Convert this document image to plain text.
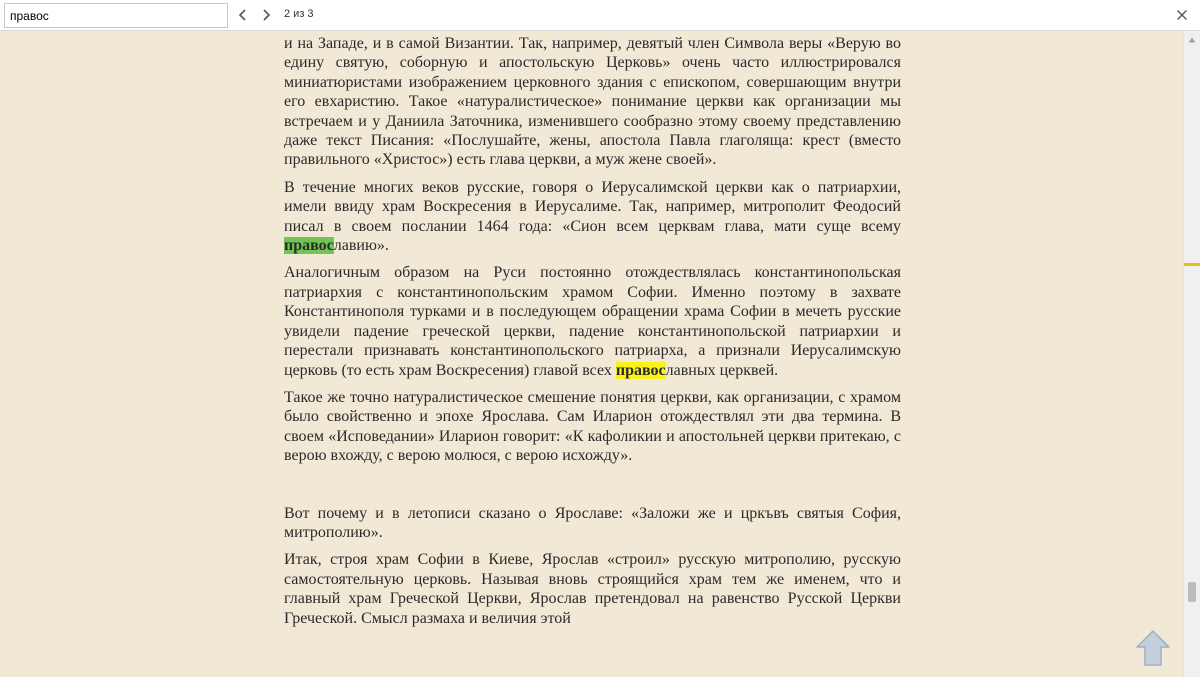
правос
2 из 3

и на Западе, и в самой Византии. Так, например, девятый член Символа веры «Верую во едину святую, соборную и апостольскую Церковь» очень часто иллюстрировался миниатюристами изображением церковного здания с епископом, совершающим внутри его евхаристию. Такое «натуралистическое» понимание церкви как организации мы встречаем и у Даниила Заточника, изменившего сообразно этому своему представлению даже текст Писания: «Послушайте, жены, апостола Павла глаголяща: крест (вместо правильного «Христос») есть глава церкви, а муж жене своей».

В течение многих веков русские, говоря о Иерусалимской церкви как о патриархии, имели ввиду храм Воскресения в Иерусалиме. Так, например, митрополит Феодосий писал в своем послании 1464 года: «Сион всем церквам глава, мати суще всему православию».

Аналогичным образом на Руси постоянно отождествлялась константинопольская патриархия с константинопольским храмом Софии. Именно поэтому в захвате Константинополя турками и в последующем обращении храма Софии в мечеть русские увидели падение греческой церкви, падение константинопольской патриархии и перестали признавать константинопольского патриарха, а признали Иерусалимскую церковь (то есть храм Воскресения) главой всех православных церквей.

Такое же точно натуралистическое смешение понятия церкви, как организации, с храмом было свойственно и эпохе Ярослава. Сам Иларион отождествлял эти два термина. В своем «Исповедании» Иларион говорит: «К кафоликии и апостольней церкви притекаю, с верою вхожду, с верою молюся, с верою исхожду».

Вот почему и в летописи сказано о Ярославе: «Заложи же и цркъвъ святыя София, митрополию».

Итак, строя храм Софии в Киеве, Ярослав «строил» русскую митрополию, русскую самостоятельную церковь. Называя вновь строящийся храм тем же именем, что и главный храм Греческой Церкви, Ярослав претендовал на равенство Русской Церкви Греческой. Смысл размаха и величия этой
